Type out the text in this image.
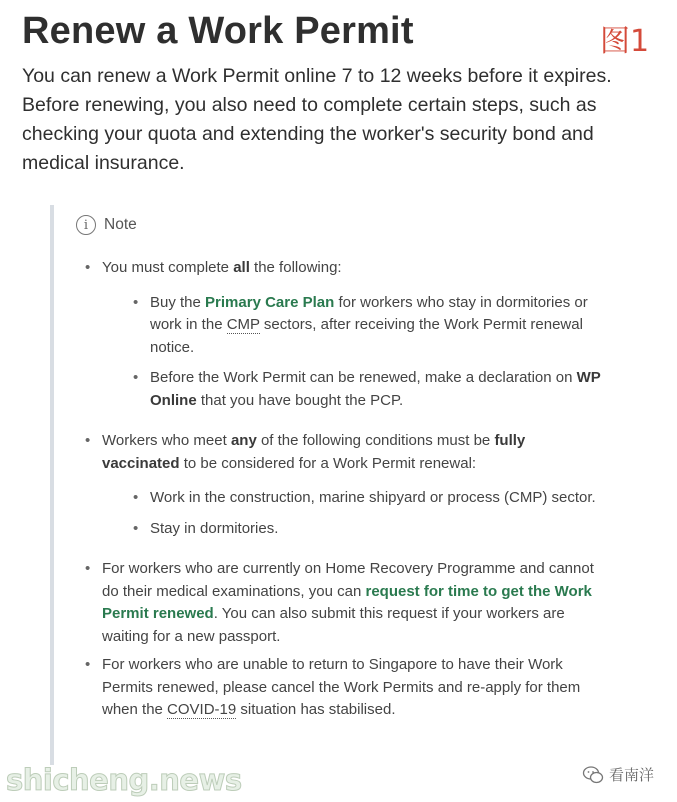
Renew a Work Permit	图1

You can renew a Work Permit online 7 to 12 weeks before it expires. Before renewing, you also need to complete certain steps, such as checking your quota and extending the worker's security bond and medical insurance.

i	Note
• You must complete all the following:
• Buy the Primary Care Plan for workers who stay in dormitories or work in the CMP sectors, after receiving the Work Permit renewal notice.
• Before the Work Permit can be renewed, make a declaration on WP Online that you have bought the PCP.
• Workers who meet any of the following conditions must be fully vaccinated to be considered for a Work Permit renewal:
• Work in the construction, marine shipyard or process (CMP) sector.
• Stay in dormitories.
• For workers who are currently on Home Recovery Programme and cannot do their medical examinations, you can request for time to get the Work Permit renewed. You can also submit this request if your workers are waiting for a new passport.
• For workers who are unable to return to Singapore to have their Work Permits renewed, please cancel the Work Permits and re-apply for them when the COVID-19 situation has stabilised.
shicheng.news	看南洋
